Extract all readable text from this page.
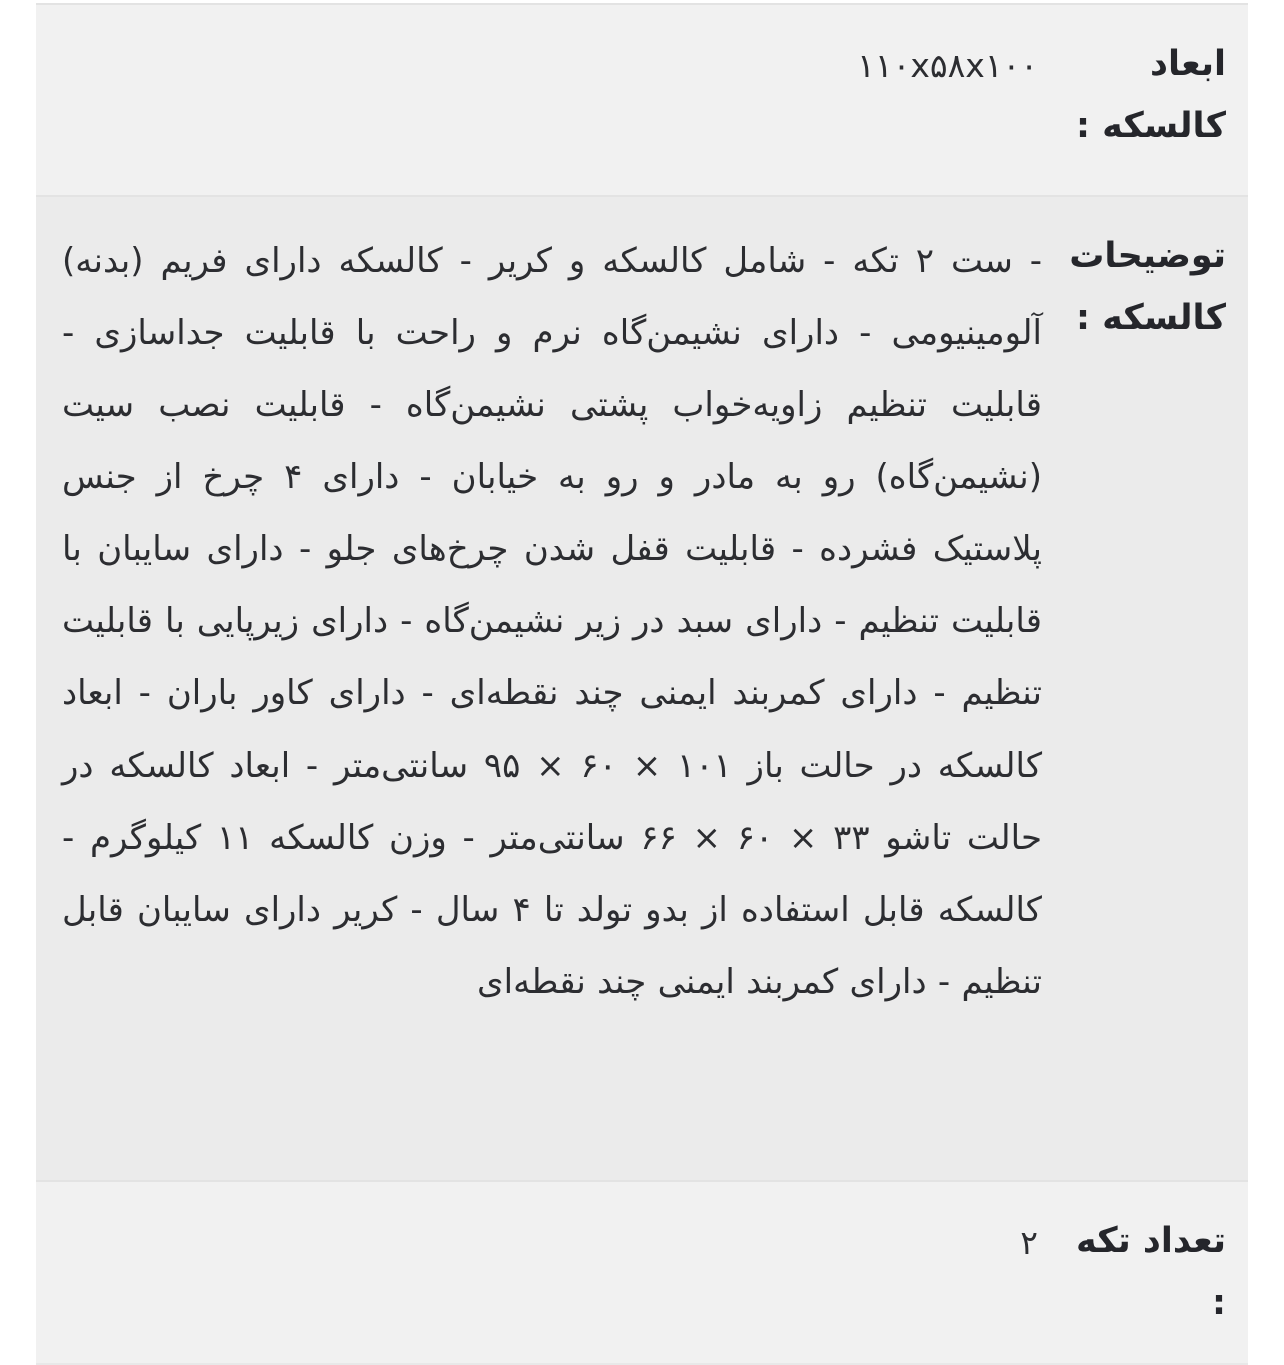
ابعاد کالسکه :
۱۱۰x۵۸x۱۰۰
توضیحات کالسکه :
- ست ۲ تکه - شامل کالسکه و کریر - کالسکه دارای فریم (بدنه) آلومینیومی - دارای نشیمن‌گاه نرم و راحت با قابلیت جداسازی - قابلیت تنظیم زاویه‌خواب پشتی نشیمن‌گاه - قابلیت نصب سیت (نشیمن‌گاه) رو به مادر و رو به خیابان - دارای ۴ چرخ از جنس پلاستیک فشرده - قابلیت قفل شدن چرخ‌های جلو - دارای سایبان با قابلیت تنظیم - دارای سبد در زیر نشیمن‌گاه - دارای زیرپایی با قابلیت تنظیم - دارای کمربند ایمنی چند نقطه‌ای - دارای کاور باران - ابعاد کالسکه در حالت باز ۱۰۱ × ۶۰ × ۹۵ سانتی‌متر - ابعاد کالسکه در حالت تاشو ۳۳ × ۶۰ × ۶۶ سانتی‌متر - وزن کالسکه ۱۱ کیلوگرم - کالسکه قابل استفاده از بدو تولد تا ۴ سال - کریر دارای سایبان قابل تنظیم - دارای کمربند ایمنی چند نقطه‌ای
تعداد تکه :
۲
